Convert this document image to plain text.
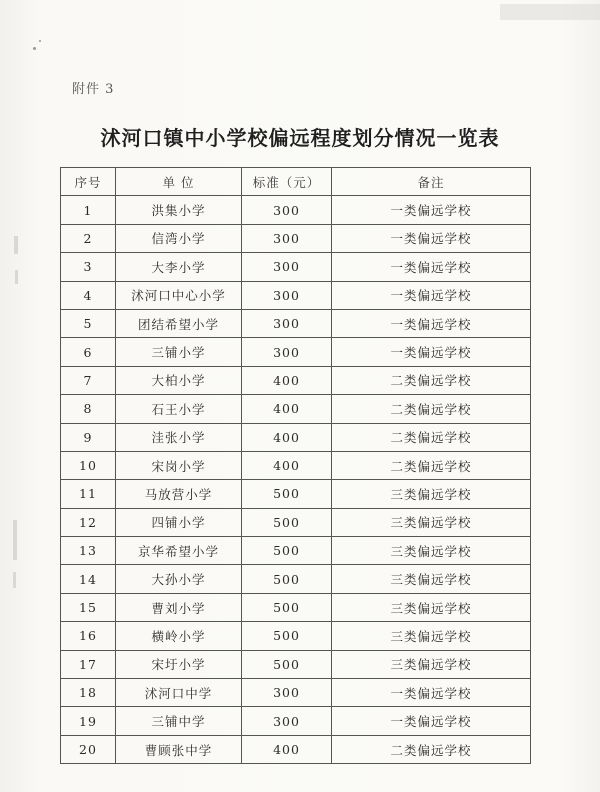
附件 3
沭河口镇中小学校偏远程度划分情况一览表
序号	单 位	标准（元）	备注
1	洪集小学	300	一类偏远学校
2	信湾小学	300	一类偏远学校
3	大李小学	300	一类偏远学校
4	沭河口中心小学	300	一类偏远学校
5	团结希望小学	300	一类偏远学校
6	三铺小学	300	一类偏远学校
7	大柏小学	400	二类偏远学校
8	石王小学	400	二类偏远学校
9	洼张小学	400	二类偏远学校
10	宋岗小学	400	二类偏远学校
11	马放营小学	500	三类偏远学校
12	四铺小学	500	三类偏远学校
13	京华希望小学	500	三类偏远学校
14	大孙小学	500	三类偏远学校
15	曹刘小学	500	三类偏远学校
16	横岭小学	500	三类偏远学校
17	宋圩小学	500	三类偏远学校
18	沭河口中学	300	一类偏远学校
19	三铺中学	300	一类偏远学校
20	曹顾张中学	400	二类偏远学校
